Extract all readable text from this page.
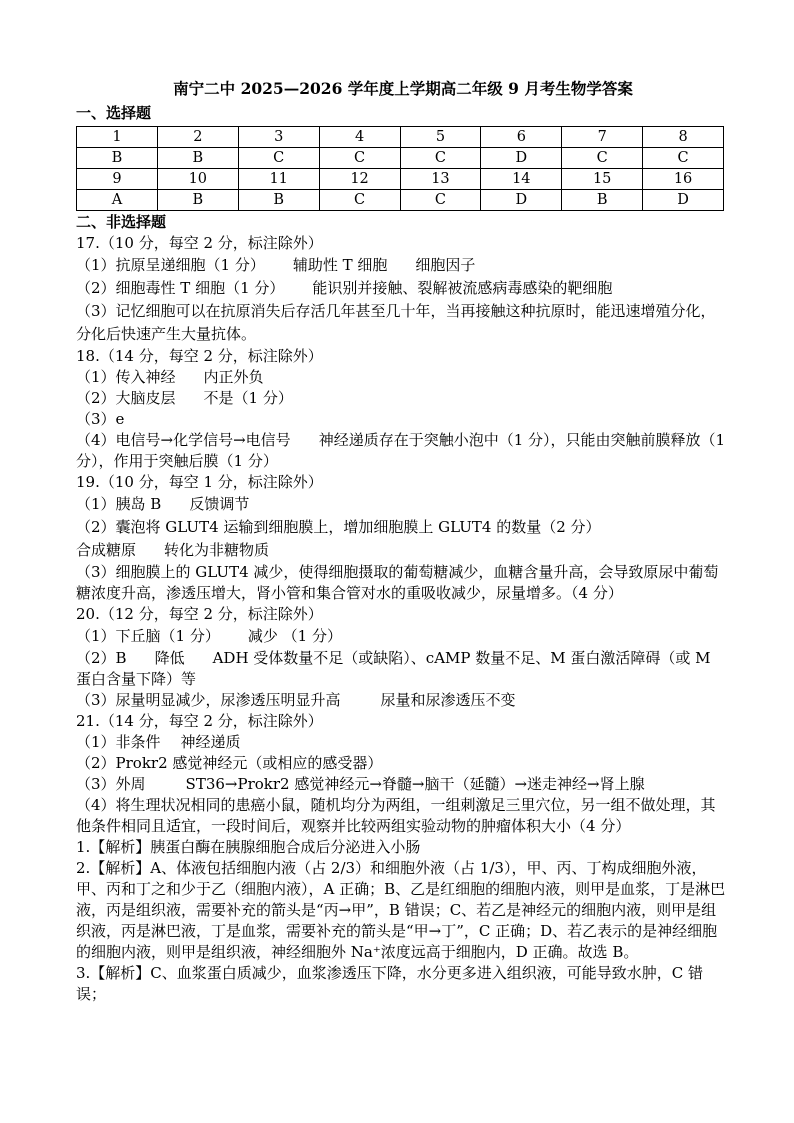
南宁二中 2025—2026 学年度上学期高二年级 9 月考生物学答案
一、选择题
1	2	3	4	5	6	7	8
B	B	C	C	C	D	C	C
9	10	11	12	13	14	15	16
A	B	B	C	C	D	B	D
二、非选择题
17.（10 分，每空 2 分，标注除外）
（1）抗原呈递细胞（1 分） 辅助性 T 细胞 细胞因子
（2）细胞毒性 T 细胞（1 分） 能识别并接触、裂解被流感病毒感染的靶细胞
（3）记忆细胞可以在抗原消失后存活几年甚至几十年，当再接触这种抗原时，能迅速增殖分化，分化后快速产生大量抗体。
18.（14 分，每空 2 分，标注除外）
（1）传入神经 内正外负
（2）大脑皮层 不是（1 分）
（3）e
（4）电信号→化学信号→电信号 神经递质存在于突触小泡中（1 分），只能由突触前膜释放（1 分），作用于突触后膜（1 分）
19.（10 分，每空 1 分，标注除外）
（1）胰岛 B 反馈调节
（2）囊泡将 GLUT4 运输到细胞膜上，增加细胞膜上 GLUT4 的数量（2 分）
合成糖原 转化为非糖物质
（3）细胞膜上的 GLUT4 减少，使得细胞摄取的葡萄糖减少，血糖含量升高，会导致原尿中葡萄糖浓度升高，渗透压增大，肾小管和集合管对水的重吸收减少，尿量增多。（4 分）
20.（12 分，每空 2 分，标注除外）
（1）下丘脑（1 分） 减少 （1 分）
（2）B 降低 ADH 受体数量不足（或缺陷）、cAMP 数量不足、M 蛋白激活障碍（或 M 蛋白含量下降）等
（3）尿量明显减少，尿渗透压明显升高	尿量和尿渗透压不变
21.（14 分，每空 2 分，标注除外）
（1）非条件 神经递质
（2）Prokr2 感觉神经元（或相应的感受器）
（3）外周	ST36→Prokr2 感觉神经元→脊髓→脑干（延髓）→迷走神经→肾上腺
（4）将生理状况相同的患癌小鼠，随机均分为两组，一组刺激足三里穴位，另一组不做处理，其他条件相同且适宜，一段时间后，观察并比较两组实验动物的肿瘤体积大小（4 分）
1.【解析】胰蛋白酶在胰腺细胞合成后分泌进入小肠
2.【解析】A、体液包括细胞内液（占 2/3）和细胞外液（占 1/3），甲、丙、丁构成细胞外液，甲、丙和丁之和少于乙（细胞内液），A 正确；B、乙是红细胞的细胞内液，则甲是血浆，丁是淋巴液，丙是组织液，需要补充的箭头是“丙→甲”，B 错误；C、若乙是神经元的细胞内液，则甲是组织液，丙是淋巴液，丁是血浆，需要补充的箭头是“甲→丁”，C 正确；D、若乙表示的是神经细胞的细胞内液，则甲是组织液，神经细胞外 Na⁺浓度远高于细胞内，D 正确。故选 B。
3.【解析】C、血浆蛋白质减少，血浆渗透压下降，水分更多进入组织液，可能导致水肿，C 错误；
